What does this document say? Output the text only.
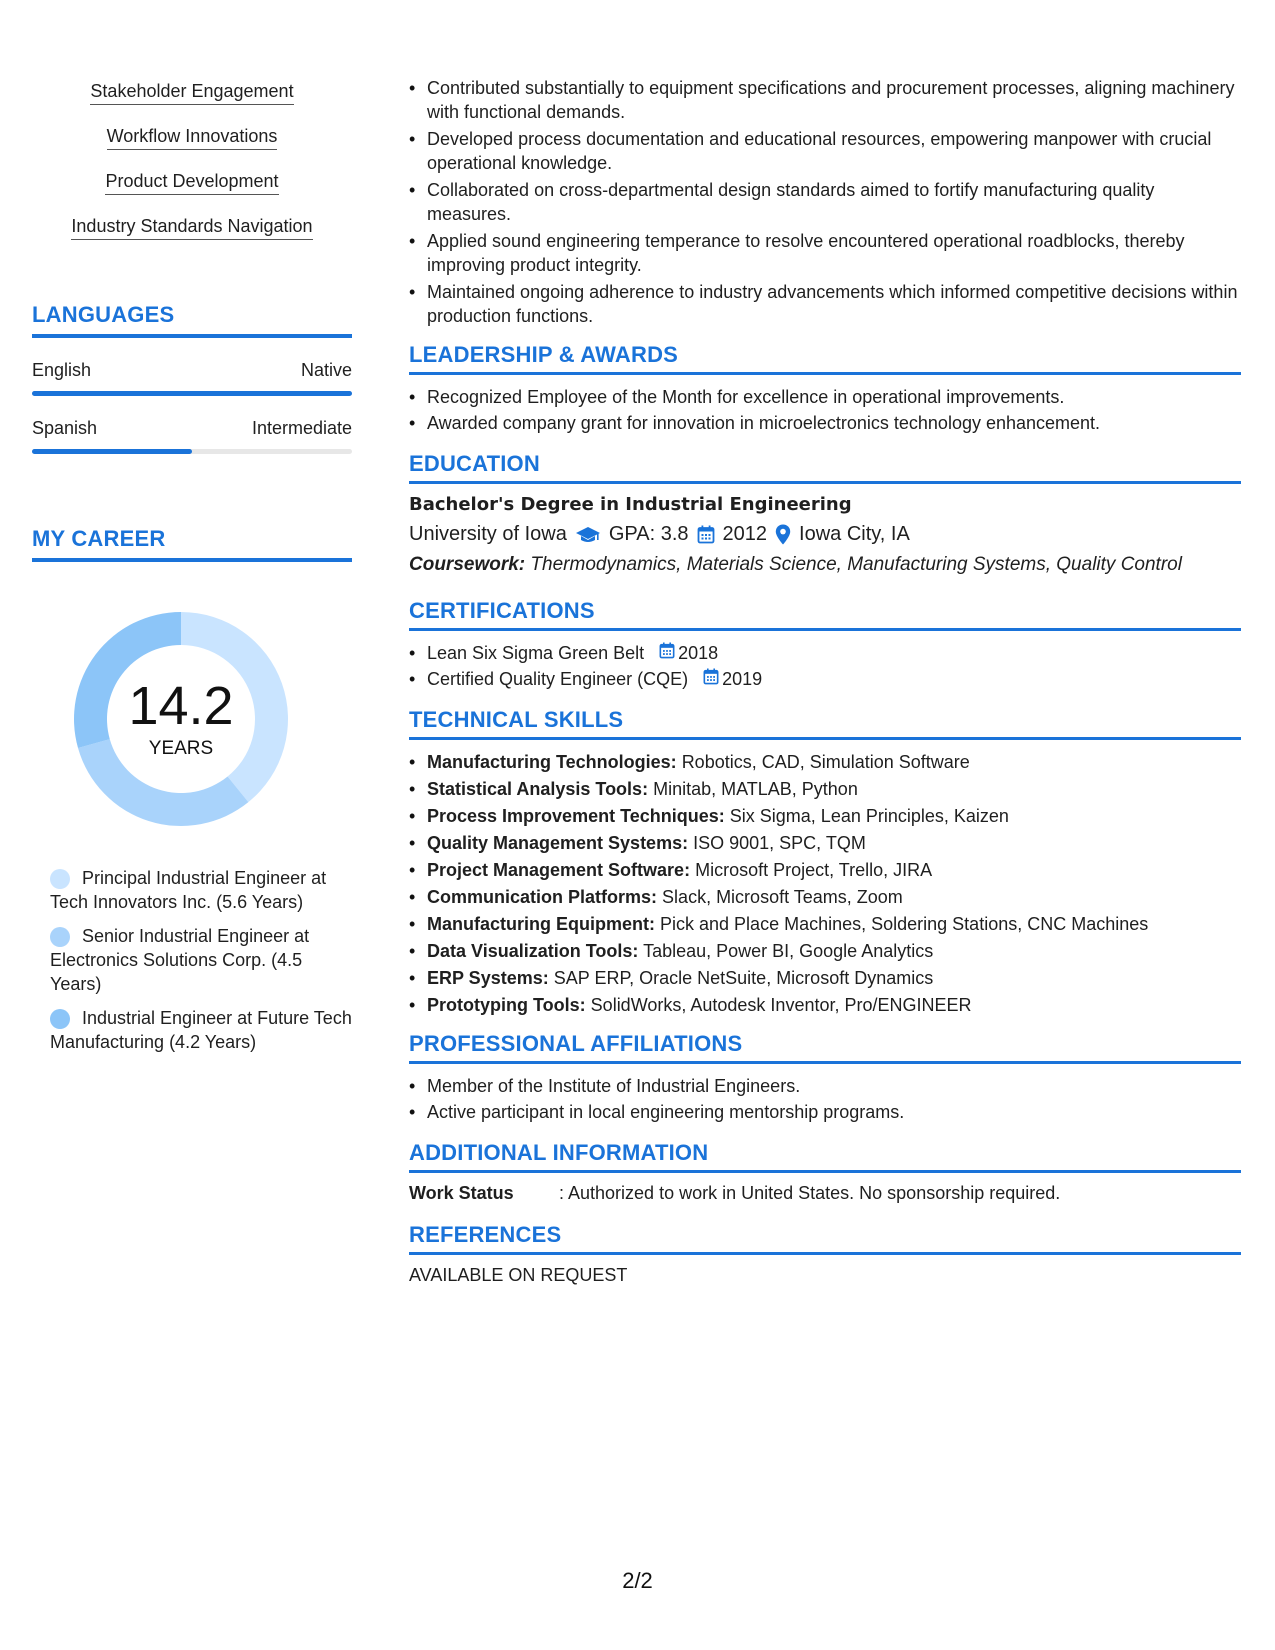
Stakeholder Engagement
Workflow Innovations
Product Development
Industry Standards Navigation
LANGUAGES
English	Native
Spanish	Intermediate
MY CAREER
14.2
YEARS
Principal Industrial Engineer at Tech Innovators Inc. (5.6 Years)
Senior Industrial Engineer at Electronics Solutions Corp. (4.5 Years)
Industrial Engineer at Future Tech Manufacturing (4.2 Years)
• Contributed substantially to equipment specifications and procurement processes, aligning machinery with functional demands.
• Developed process documentation and educational resources, empowering manpower with crucial operational knowledge.
• Collaborated on cross-departmental design standards aimed to fortify manufacturing quality measures.
• Applied sound engineering temperance to resolve encountered operational roadblocks, thereby improving product integrity.
• Maintained ongoing adherence to industry advancements which informed competitive decisions within production functions.
LEADERSHIP & AWARDS
• Recognized Employee of the Month for excellence in operational improvements.
• Awarded company grant for innovation in microelectronics technology enhancement.
EDUCATION
Bachelor's Degree in Industrial Engineering
University of Iowa GPA: 3.8 2012 Iowa City, IA
Coursework: Thermodynamics, Materials Science, Manufacturing Systems, Quality Control
CERTIFICATIONS
• Lean Six Sigma Green Belt 2018
• Certified Quality Engineer (CQE) 2019
TECHNICAL SKILLS
• Manufacturing Technologies: Robotics, CAD, Simulation Software
• Statistical Analysis Tools: Minitab, MATLAB, Python
• Process Improvement Techniques: Six Sigma, Lean Principles, Kaizen
• Quality Management Systems: ISO 9001, SPC, TQM
• Project Management Software: Microsoft Project, Trello, JIRA
• Communication Platforms: Slack, Microsoft Teams, Zoom
• Manufacturing Equipment: Pick and Place Machines, Soldering Stations, CNC Machines
• Data Visualization Tools: Tableau, Power BI, Google Analytics
• ERP Systems: SAP ERP, Oracle NetSuite, Microsoft Dynamics
• Prototyping Tools: SolidWorks, Autodesk Inventor, Pro/ENGINEER
PROFESSIONAL AFFILIATIONS
• Member of the Institute of Industrial Engineers.
• Active participant in local engineering mentorship programs.
ADDITIONAL INFORMATION
Work Status	: Authorized to work in United States. No sponsorship required.
REFERENCES
AVAILABLE ON REQUEST
2/2
